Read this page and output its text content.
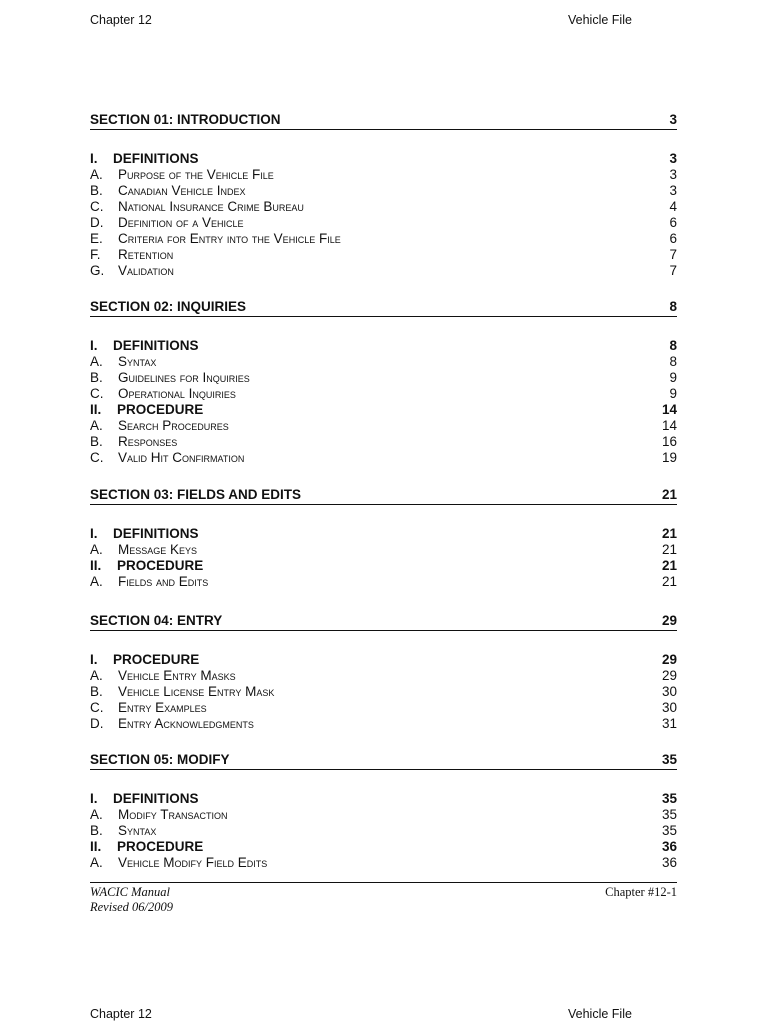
Chapter 12	Vehicle File
SECTION 01: INTRODUCTION	3
I. DEFINITIONS	3
A. Purpose of the Vehicle File	3
B. Canadian Vehicle Index	3
C. National Insurance Crime Bureau	4
D. Definition of a Vehicle	6
E. Criteria for Entry into the Vehicle File	6
F. Retention	7
G. Validation	7
SECTION 02: INQUIRIES	8
I. DEFINITIONS	8
A. Syntax	8
B. Guidelines for Inquiries	9
C. Operational Inquiries	9
II. PROCEDURE	14
A. Search Procedures	14
B. Responses	16
C. Valid Hit Confirmation	19
SECTION 03: FIELDS AND EDITS	21
I. DEFINITIONS	21
A. Message Keys	21
II. PROCEDURE	21
A. Fields and Edits	21
SECTION 04: ENTRY	29
I. PROCEDURE	29
A. Vehicle Entry Masks	29
B. Vehicle License Entry Mask	30
C. Entry Examples	30
D. Entry Acknowledgments	31
SECTION 05: MODIFY	35
I. DEFINITIONS	35
A. Modify Transaction	35
B. Syntax	35
II. PROCEDURE	36
A. Vehicle Modify Field Edits	36
WACIC Manual
Revised 06/2009
Chapter #12-1
Chapter 12	Vehicle File
